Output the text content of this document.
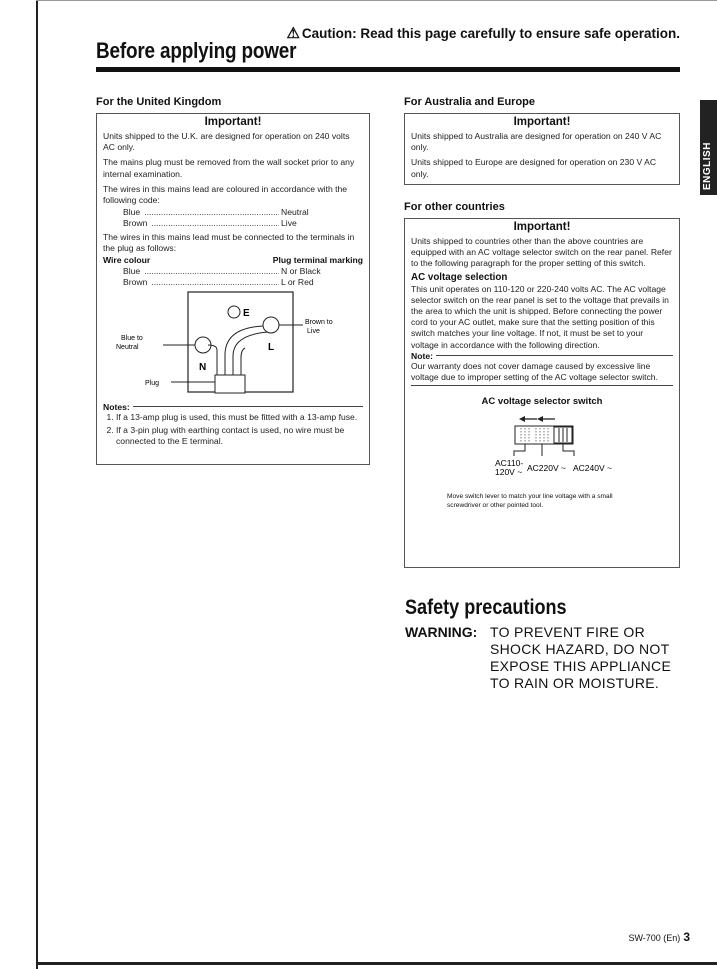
⚠ Caution: Read this page carefully to ensure safe operation.
Before applying power
ENGLISH
For the United Kingdom
Important!

Units shipped to the U.K. are designed for operation on 240 volts AC only.

The mains plug must be removed from the wall socket prior to any internal examination.

The wires in this mains lead are coloured in accordance with the following code:

Blue .....	Neutral
Brown .....	Live

The wires in this mains lead must be connected to the terminals in the plug as follows:

Wire colour	Plug terminal marking
Blue .....	N or Black
Brown .....	L or Red
E
L
N
Brown to
Live
Blue to
Neutral
Plug
Notes:
1. If a 13-amp plug is used, this must be fitted with a 13-amp fuse.
2. If a 3-pin plug with earthing contact is used, no wire must be connected to the E terminal.
For Australia and Europe
Important!

Units shipped to Australia are designed for operation on 240 V AC only.

Units shipped to Europe are designed for operation on 230 V AC only.

For other countries
Important!

Units shipped to countries other than the above countries are equipped with an AC voltage selector switch on the rear panel. Refer to the following paragraph for the proper setting of this switch.

AC voltage selection

This unit operates on 110-120 or 220-240 volts AC. The AC voltage selector switch on the rear panel is set to the voltage that prevails in the area to which the unit is shipped. Before connecting the power cord to your AC outlet, make sure that the setting position of this switch matches your line voltage. If not, it must be set to your voltage in accordance with the following direction.

Note:

Our warranty does not cover damage caused by excessive line voltage due to improper setting of the AC voltage selector switch.

AC voltage selector switch
AC110-
120V ~ AC220V ~ AC240V ~
Move switch lever to match your line voltage with a small screwdriver or other pointed tool.
Safety precautions
WARNING: TO PREVENT FIRE OR
SHOCK HAZARD, DO NOT
EXPOSE THIS APPLIANCE
TO RAIN OR MOISTURE.
SW-700 (En) 3
